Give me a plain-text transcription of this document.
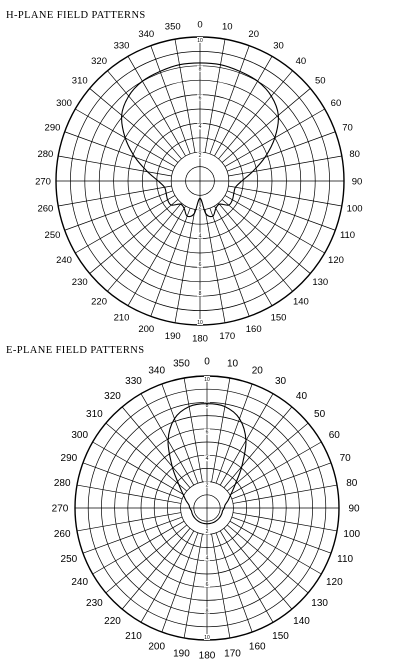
H-PLANE FIELD PATTERNS
0 10
20
30
40
50
60
70
80
90
100
110
120
130
140
150
160
170
180
190
200
210
220
230
240
250
260
270
280
290
300
310
320
330
340
350
2
2
4
4
6
6
8
8
10
10
E-PLANE FIELD PATTERNS
0 10
20
30
40
50
60
70
80
90
100
110
120
130
140
150
160
170
180
190
200
210
220
230
240
250
260
270
280
290
300
310
320
330
340
350
2
2
4
4
6
6
8
8
10
10
